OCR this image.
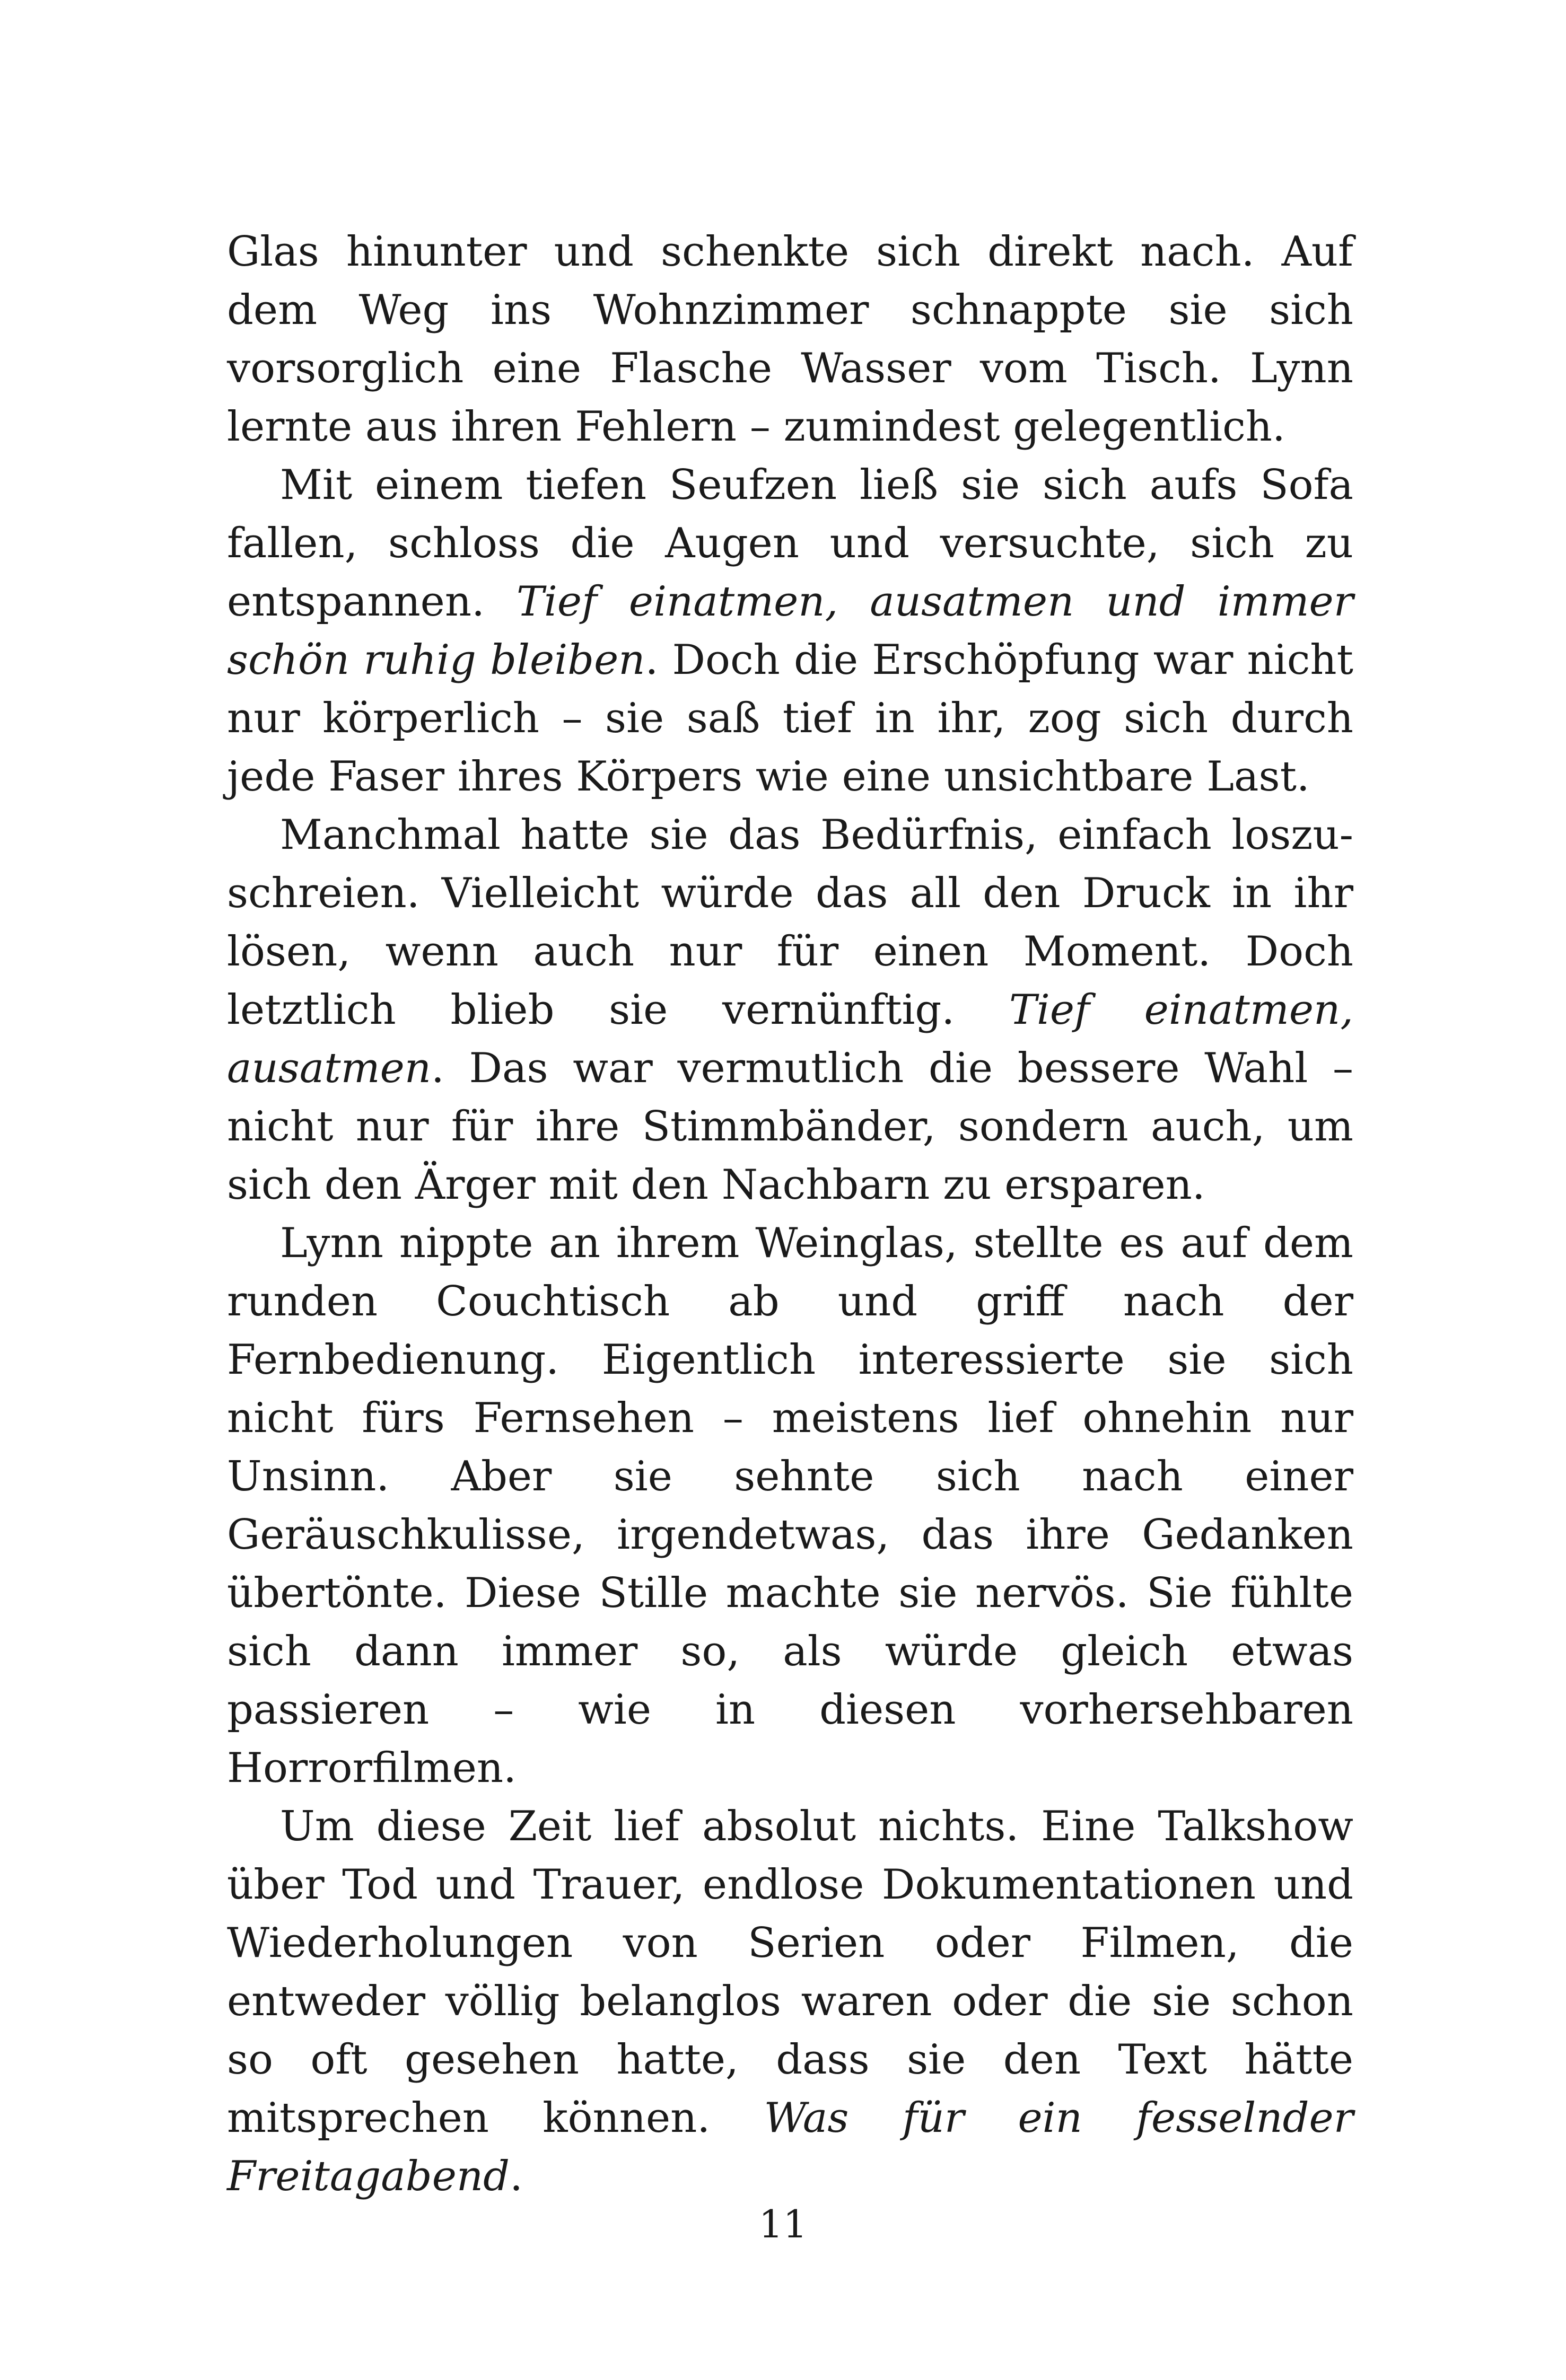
Glas hinunter und schenkte sich direkt nach. Auf dem Weg ins Wohnzimmer schnappte sie sich vorsorglich eine Flasche Wasser vom Tisch. Lynn lernte aus ihren Fehlern – zumindest gelegentlich.

Mit einem tiefen Seufzen ließ sie sich aufs Sofa fallen, schloss die Augen und versuchte, sich zu entspannen. Tief einatmen, ausatmen und immer schön ruhig bleiben. Doch die Erschöpfung war nicht nur körperlich – sie saß tief in ihr, zog sich durch jede Faser ihres Körpers wie eine unsichtbare Last.

Manchmal hatte sie das Bedürfnis, einfach loszuschreien. Vielleicht würde das all den Druck in ihr lösen, wenn auch nur für einen Moment. Doch letztlich blieb sie vernünftig. Tief einatmen, ausatmen. Das war vermutlich die bessere Wahl – nicht nur für ihre Stimmbänder, sondern auch, um sich den Ärger mit den Nachbarn zu ersparen.

Lynn nippte an ihrem Weinglas, stellte es auf dem runden Couchtisch ab und griff nach der Fernbedienung. Eigentlich interessierte sie sich nicht fürs Fernsehen – meistens lief ohnehin nur Unsinn. Aber sie sehnte sich nach einer Geräuschkulisse, irgendetwas, das ihre Gedanken übertönte. Diese Stille machte sie nervös. Sie fühlte sich dann immer so, als würde gleich etwas passieren – wie in diesen vorhersehbaren Horrorfilmen.

Um diese Zeit lief absolut nichts. Eine Talkshow über Tod und Trauer, endlose Dokumentationen und Wiederholungen von Serien oder Filmen, die entweder völlig belanglos waren oder die sie schon so oft gesehen hatte, dass sie den Text hätte mitsprechen können. Was für ein fesselnder Freitagabend.

11
